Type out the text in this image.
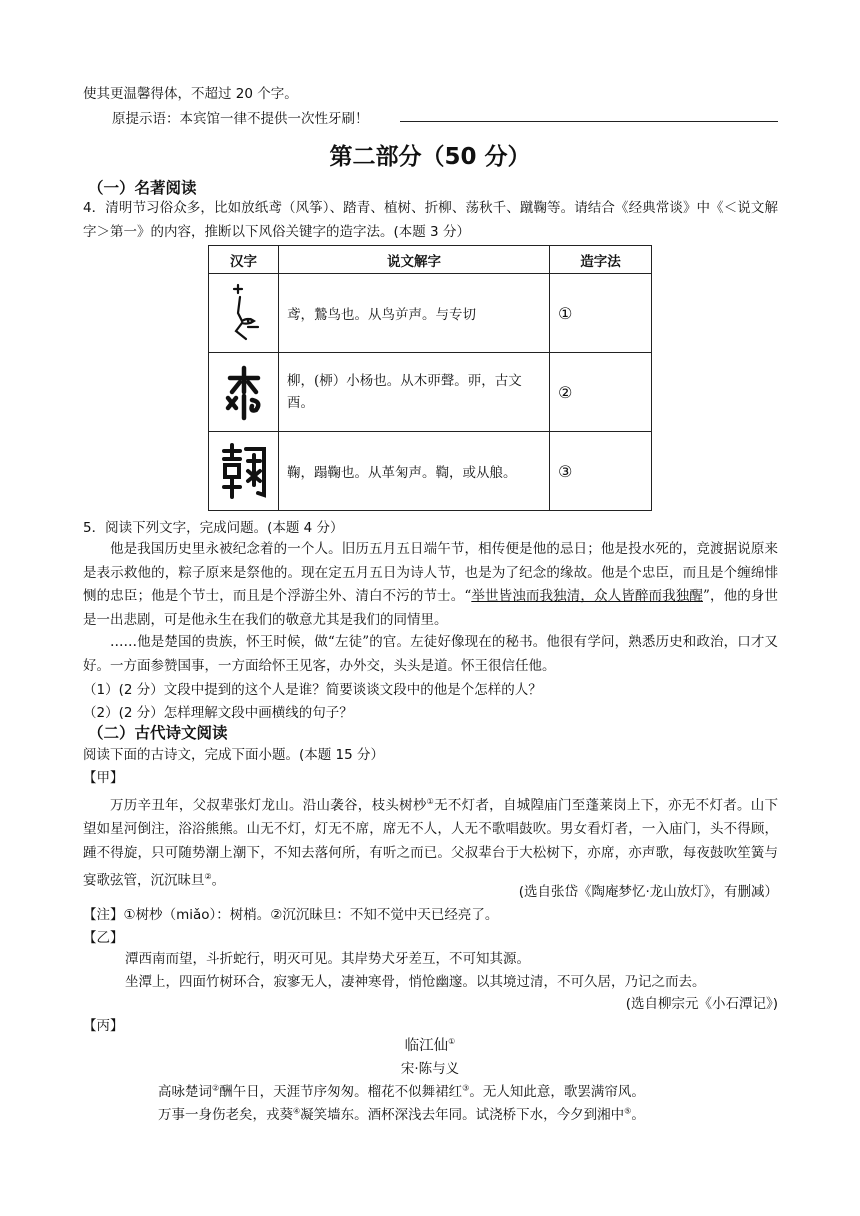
使其更温馨得体，不超过 20 个字。
原提示语：本宾馆一律不提供一次性牙刷！
第二部分（50 分）
（一）名著阅读
4．清明节习俗众多，比如放纸鸢（风筝）、踏青、植树、折柳、荡秋千、蹴鞠等。请结合《经典常谈》中《＜说文解字＞第一》的内容，推断以下风俗关键字的造字法。(本题 3 分）
汉字	说文解字	造字法

	鸢，鷙鸟也。从鸟屰声。与专切	①

	柳，(桺）小杨也。从木丣聲。丣，古文酉。	②

	鞠，蹋鞠也。从革匊声。鞫，或从艆。	③
5．阅读下列文字，完成问题。(本题 4 分）
他是我国历史里永被纪念着的一个人。旧历五月五日端午节，相传便是他的忌日；他是投水死的，竞渡据说原来是表示救他的，粽子原来是祭他的。现在定五月五日为诗人节，也是为了纪念的缘故。他是个忠臣，而且是个缠绵悱恻的忠臣；他是个节士，而且是个浮游尘外、清白不污的节士。“举世皆浊而我独清，众人皆醉而我独醒”，他的身世是一出悲剧，可是他永生在我们的敬意尤其是我们的同情里。
……他是楚国的贵族，怀王时候，做“左徒”的官。左徒好像现在的秘书。他很有学问，熟悉历史和政治，口才又好。一方面参赞国事，一方面给怀王见客，办外交，头头是道。怀王很信任他。
（1）(2 分）文段中提到的这个人是谁？简要谈谈文段中的他是个怎样的人？
（2）(2 分）怎样理解文段中画横线的句子？
（二）古代诗文阅读
阅读下面的古诗文，完成下面小题。(本题 15 分）
【甲】
万历辛丑年，父叔辈张灯龙山。沿山袭谷，枝头树杪①无不灯者，自城隍庙门至蓬莱岗上下，亦无不灯者。山下望如星河倒注，浴浴熊熊。山无不灯，灯无不席，席无不人，人无不歌唱鼓吹。男女看灯者，一入庙门，头不得顾，踵不得旋，只可随势潮上潮下，不知去落何所，有听之而已。父叔辈台于大松树下，亦席，亦声歌，每夜鼓吹笙簧与宴歌弦管，沉沉昧旦②。
(选自张岱《陶庵梦忆·龙山放灯》，有删减）
【注】①树杪（miǎo）：树梢。②沉沉昧旦：不知不觉中天已经亮了。
【乙】
潭西南而望，斗折蛇行，明灭可见。其岸势犬牙差互，不可知其源。
坐潭上，四面竹树环合，寂寥无人，凄神寒骨，悄怆幽邃。以其境过清，不可久居，乃记之而去。
(选自柳宗元《小石潭记》)
【丙】
临江仙①
宋·陈与义
高咏楚词②酬午日，天涯节序匆匆。榴花不似舞裙红③。无人知此意，歌罢满帘风。
万事一身伤老矣，戎葵④凝笑墙东。酒杯深浅去年同。试浇桥下水，今夕到湘中⑤。
